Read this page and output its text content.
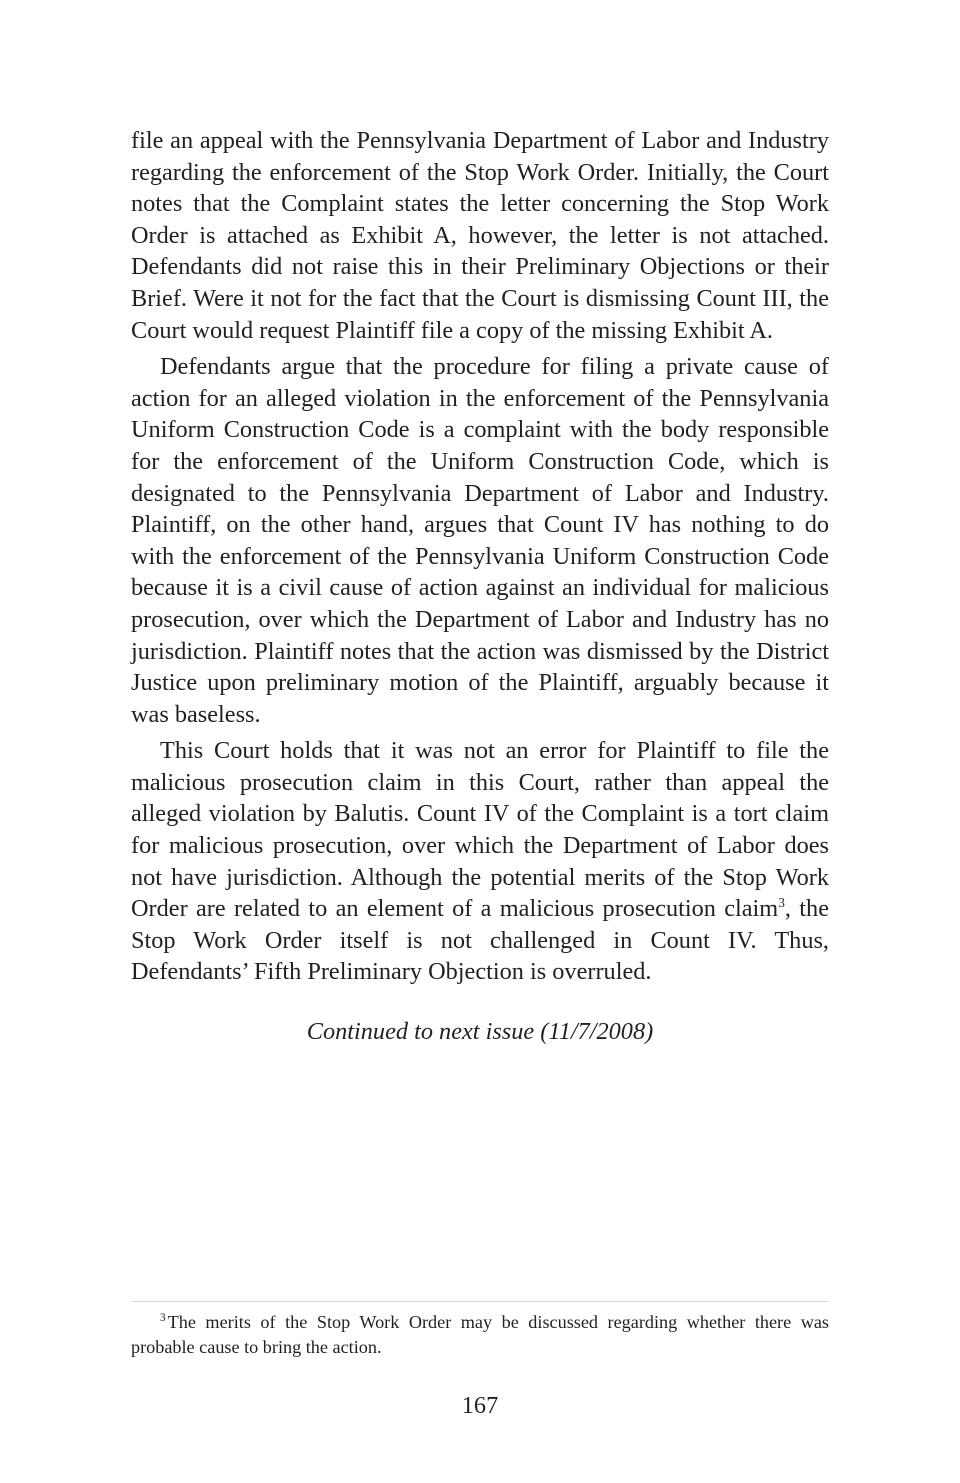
file an appeal with the Pennsylvania Department of Labor and Industry regarding the enforcement of the Stop Work Order. Initially, the Court notes that the Complaint states the letter concerning the Stop Work Order is attached as Exhibit A, however, the letter is not attached. Defendants did not raise this in their Preliminary Objections or their Brief. Were it not for the fact that the Court is dismissing Count III, the Court would request Plaintiff file a copy of the missing Exhibit A.

Defendants argue that the procedure for filing a private cause of action for an alleged violation in the enforcement of the Pennsylvania Uniform Construction Code is a complaint with the body responsible for the enforcement of the Uniform Construction Code, which is designated to the Pennsylvania Department of Labor and Industry. Plaintiff, on the other hand, argues that Count IV has nothing to do with the enforcement of the Pennsylvania Uniform Construction Code because it is a civil cause of action against an individual for malicious prosecution, over which the Department of Labor and Industry has no jurisdiction. Plaintiff notes that the action was dismissed by the District Justice upon preliminary motion of the Plaintiff, arguably because it was baseless.

This Court holds that it was not an error for Plaintiff to file the malicious prosecution claim in this Court, rather than appeal the alleged violation by Balutis. Count IV of the Complaint is a tort claim for malicious prosecution, over which the Department of Labor does not have jurisdiction. Although the potential merits of the Stop Work Order are related to an element of a malicious prosecution claim$^3$, the Stop Work Order itself is not challenged in Count IV. Thus, Defendants’ Fifth Preliminary Objection is overruled.

Continued to next issue (11/7/2008)

$^3$ The merits of the Stop Work Order may be discussed regarding whether there was probable cause to bring the action.

167
